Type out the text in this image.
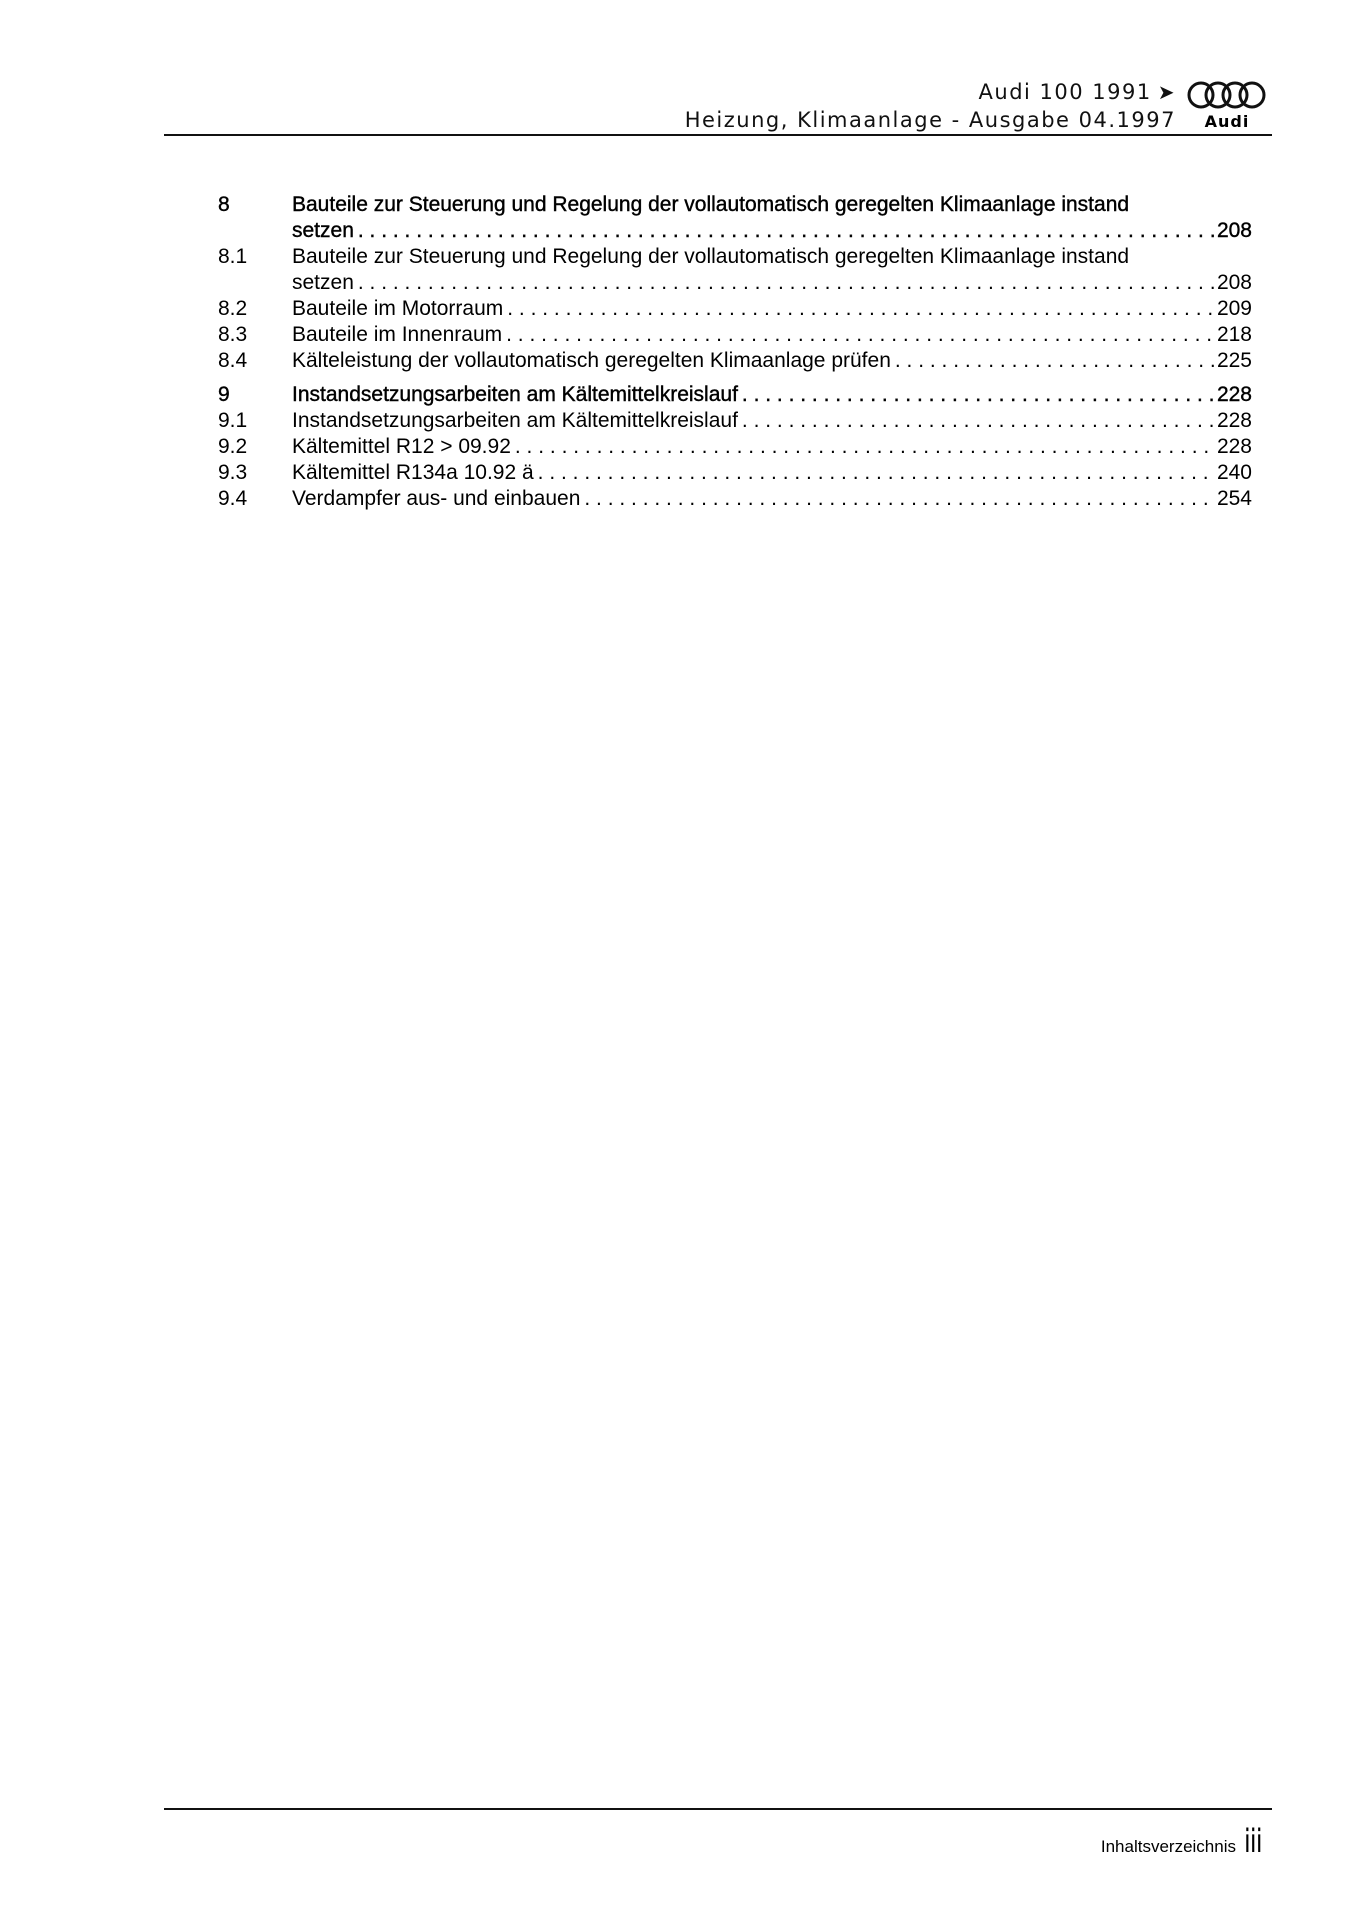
Audi 100 1991 ➤
Heizung, Klimaanlage - Ausgabe 04.1997	Audi
8	Bauteile zur Steuerung und Regelung der vollautomatisch geregelten Klimaanlage instand
setzen . . .	208
8.1	Bauteile zur Steuerung und Regelung der vollautomatisch geregelten Klimaanlage instand
setzen . . .	208
8.2	Bauteile im Motorraum . . .	209
8.3	Bauteile im Innenraum . . .	218
8.4	Kälteleistung der vollautomatisch geregelten Klimaanlage prüfen . . .	225
9	Instandsetzungsarbeiten am Kältemittelkreislauf . . .	228
9.1	Instandsetzungsarbeiten am Kältemittelkreislauf . . .	228
9.2	Kältemittel R12 > 09.92 . . .	228
9.3	Kältemittel R134a 10.92 ä . . .	240
9.4	Verdampfer aus- und einbauen . . .	254
Inhaltsverzeichnis iii
